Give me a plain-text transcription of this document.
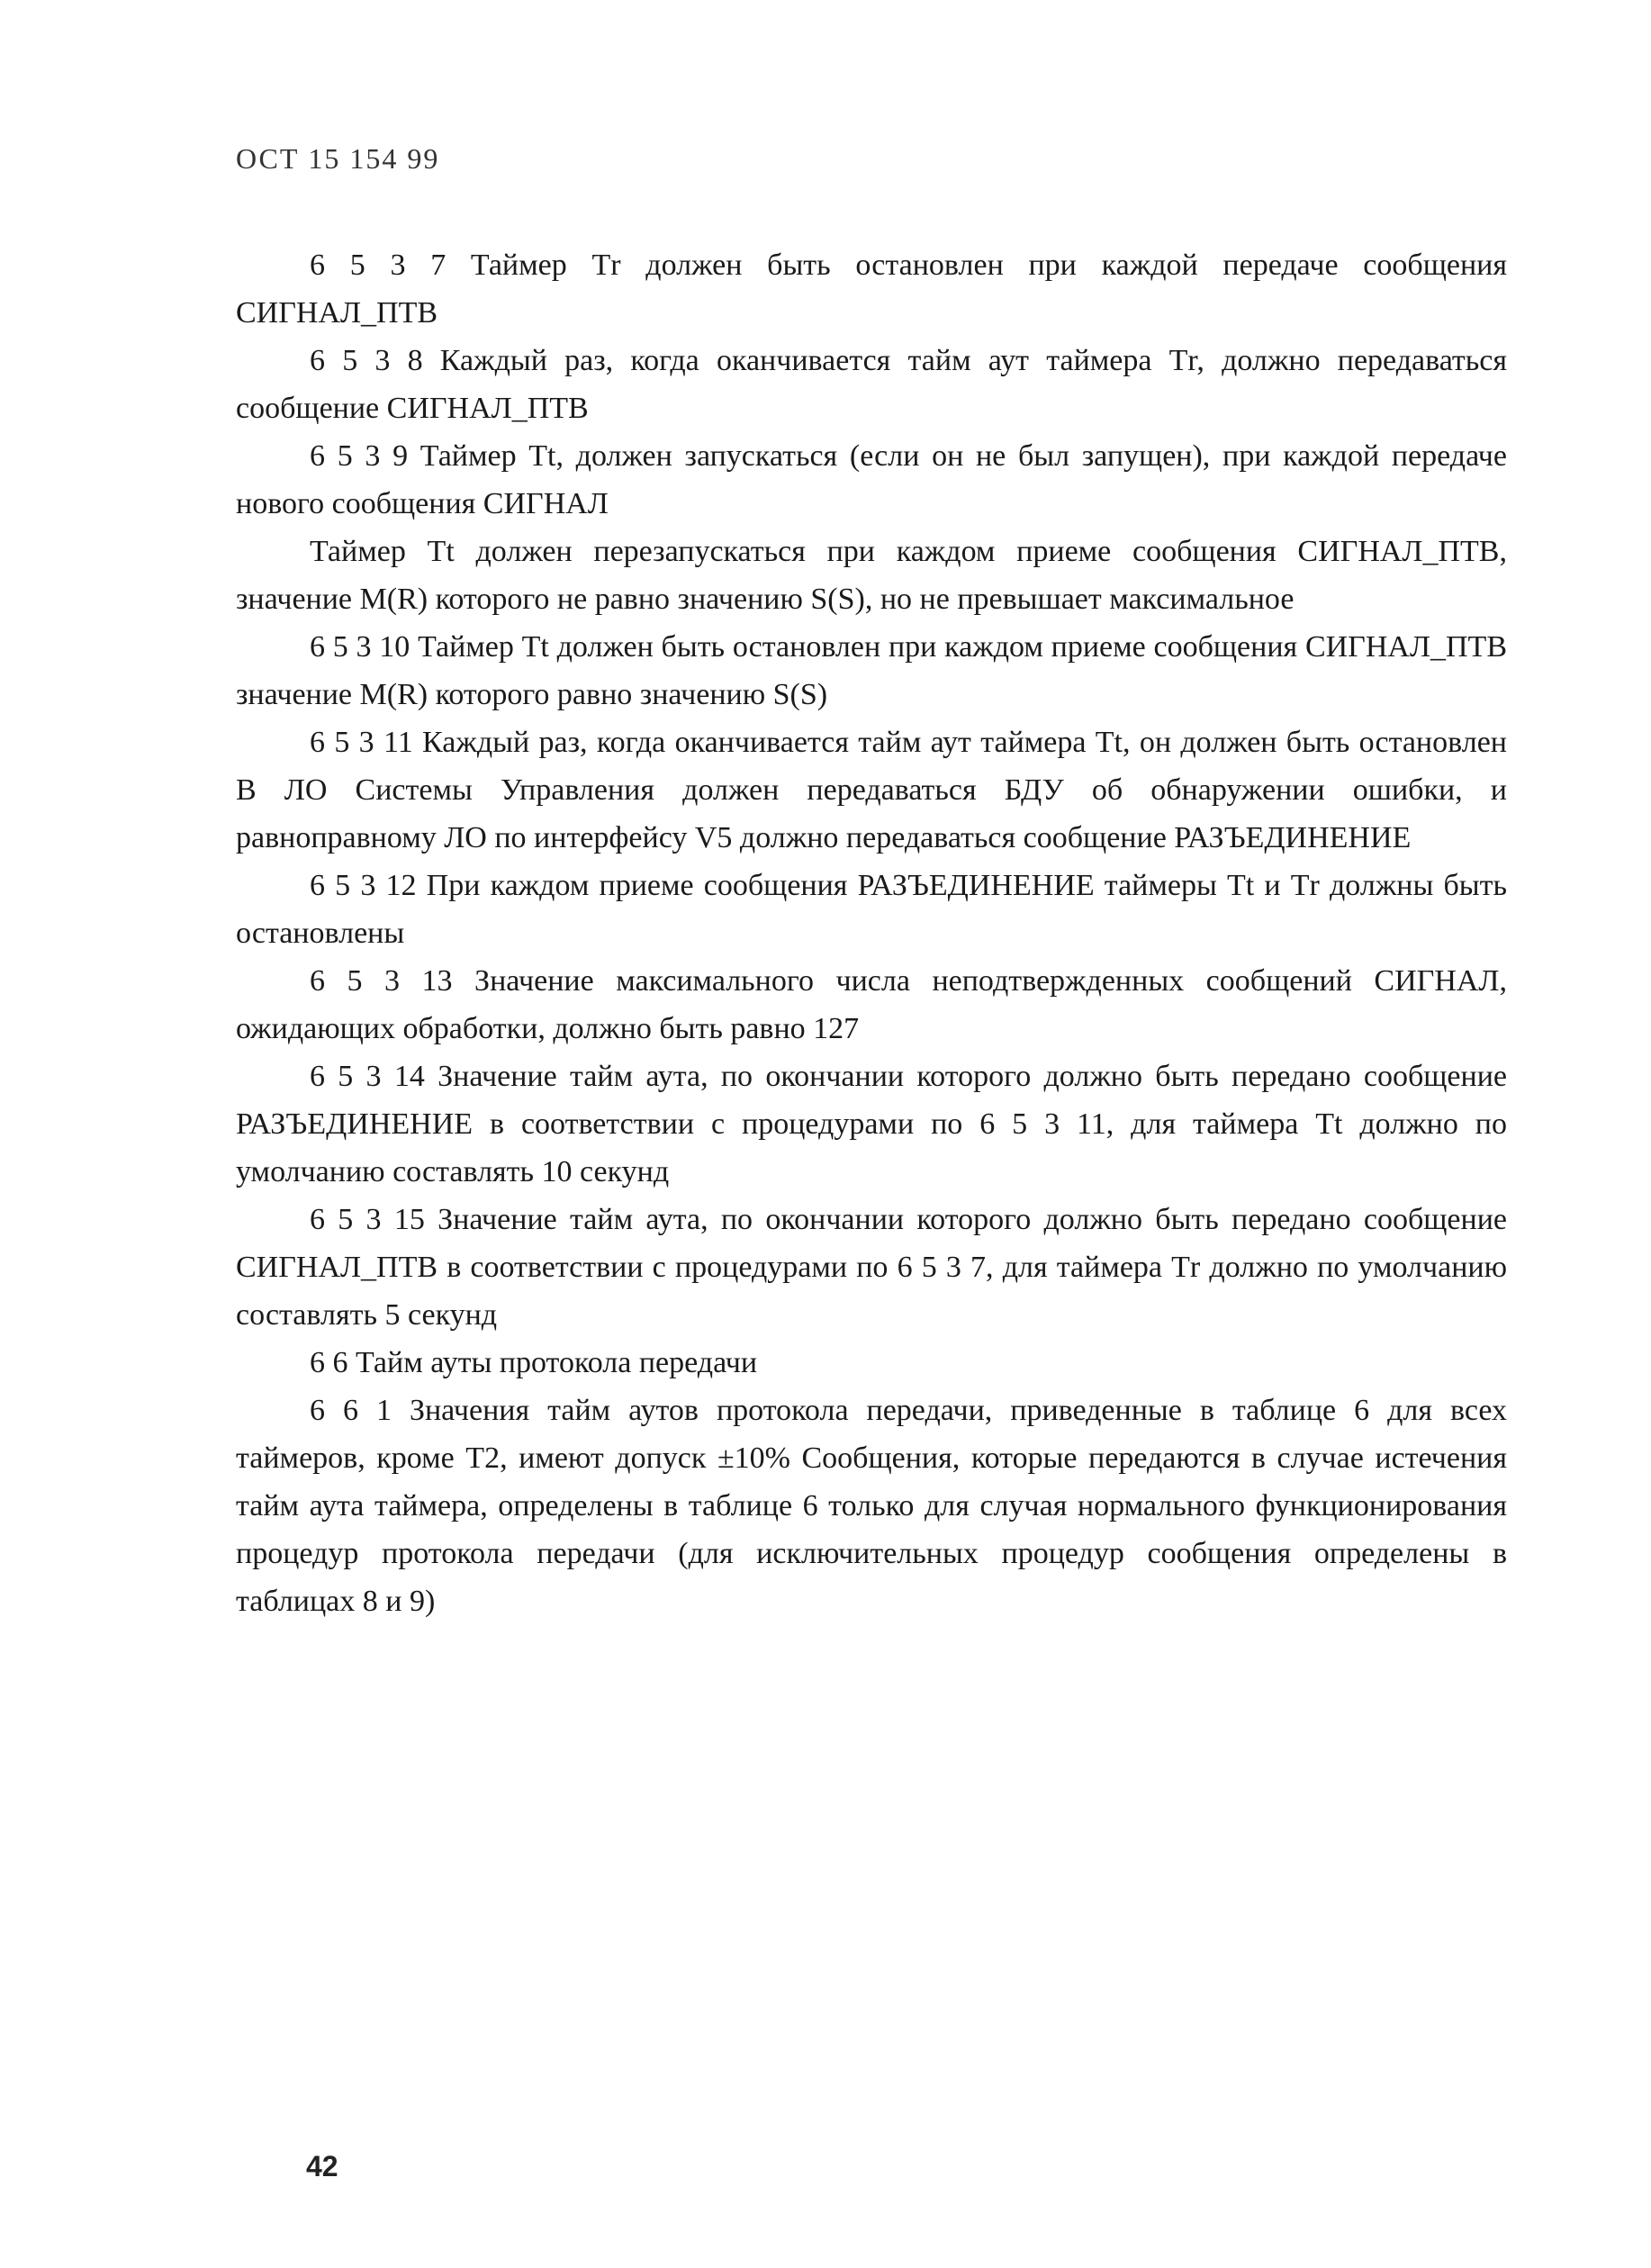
ОСТ 15 154 99

6 5 3 7 Таймер Тr должен быть остановлен при каждой передаче сообщения СИГНАЛ_ПТВ

6 5 3 8 Каждый раз, когда оканчивается тайм аут таймера Тr, должно передаваться сообщение СИГНАЛ_ПТВ

6 5 3 9 Таймер Тt, должен запускаться (если он не был запущен), при каждой передаче нового сообщения СИГНАЛ

Таймер Тt должен перезапускаться при каждом приеме сообщения СИГНАЛ_ПТВ, значение М(R) которого не равно значению S(S), но не превышает максимальное

6 5 3 10 Таймер Тt должен быть остановлен при каждом приеме сообщения СИГНАЛ_ПТВ значение М(R) которого равно значению S(S)

6 5 3 11 Каждый раз, когда оканчивается тайм аут таймера Тt, он должен быть остановлен В ЛО Системы Управления должен передаваться БДУ об обнаружении ошибки, и равноправному ЛО по интерфейсу V5 должно передаваться сообщение РАЗЪЕДИНЕНИЕ

6 5 3 12 При каждом приеме сообщения РАЗЪЕДИНЕНИЕ таймеры Тt и Тr должны быть остановлены

6 5 3 13 Значение максимального числа неподтвержденных сообщений СИГНАЛ, ожидающих обработки, должно быть равно 127

6 5 3 14 Значение тайм аута, по окончании которого должно быть передано сообщение РАЗЪЕДИНЕНИЕ в соответствии с процедурами по 6 5 3 11, для таймера Тt должно по умолчанию составлять 10 секунд

6 5 3 15 Значение тайм аута, по окончании которого должно быть передано сообщение СИГНАЛ_ПТВ в соответствии с процедурами по 6 5 3 7, для таймера Тr должно по умолчанию составлять 5 секунд

6 6 Тайм ауты протокола передачи

6 6 1 Значения тайм аутов протокола передачи, приведенные в таблице 6 для всех таймеров, кроме Т2, имеют допуск ±10% Сообщения, которые передаются в случае истечения тайм аута таймера, определены в таблице 6 только для случая нормального функционирования процедур протокола передачи (для исключительных процедур сообщения определены в таблицах 8 и 9)

42
